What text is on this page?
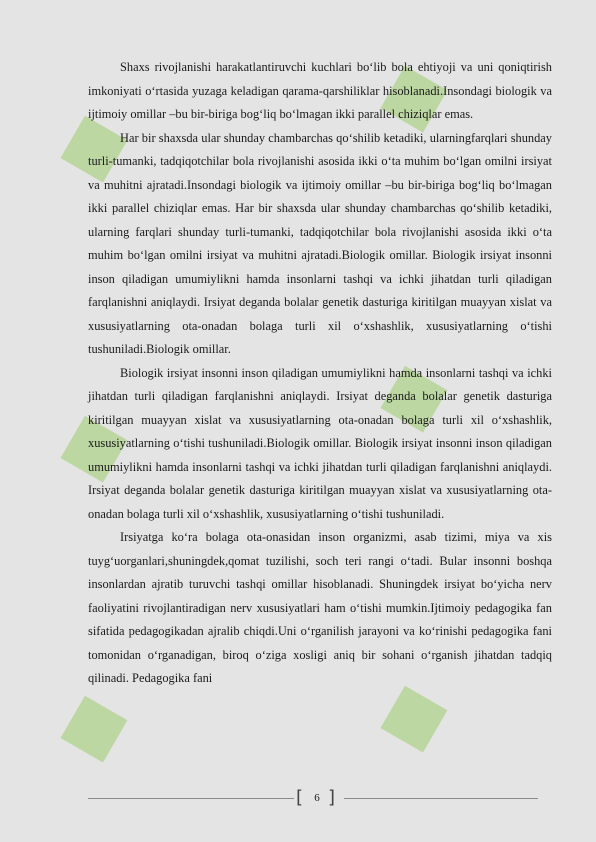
■
■
■
■
■	■

Shaxs rivojlanishi harakatlantiruvchi kuchlari bo‘lib bola ehtiyoji va uni qoniqtirish imkoniyati o‘rtasida yuzaga keladigan qarama-qarshiliklar hisoblanadi.Insondagi biologik va ijtimoiy omillar –bu bir-biriga bog‘liq bo‘lmagan ikki parallel chiziqlar emas.

Har bir shaxsda ular shunday chambarchas qo‘shilib ketadiki, ularningfarqlari shunday turli-tumanki, tadqiqotchilar bola rivojlanishi asosida ikki o‘ta muhim bo‘lgan omilni irsiyat va muhitni ajratadi.Insondagi biologik va ijtimoiy omillar –bu bir-biriga bog‘liq bo‘lmagan ikki parallel chiziqlar emas. Har bir shaxsda ular shunday chambarchas qo‘shilib ketadiki, ularning farqlari shunday turli-tumanki, tadqiqotchilar bola rivojlanishi asosida ikki o‘ta muhim bo‘lgan omilni irsiyat va muhitni ajratadi.Biologik omillar. Biologik irsiyat insonni inson qiladigan umumiylikni hamda insonlarni tashqi va ichki jihatdan turli qiladigan farqlanishni aniqlaydi. Irsiyat deganda bolalar genetik dasturiga kiritilgan muayyan xislat va xususiyatlarning ota-onadan bolaga turli xil o‘xshashlik, xususiyatlarning o‘tishi tushuniladi.Biologik omillar.

Biologik irsiyat insonni inson qiladigan umumiylikni hamda insonlarni tashqi va ichki jihatdan turli qiladigan farqlanishni aniqlaydi. Irsiyat deganda bolalar genetik dasturiga kiritilgan muayyan xislat va xususiyatlarning ota-onadan bolaga turli xil o‘xshashlik, xususiyatlarning o‘tishi tushuniladi.Biologik omillar. Biologik irsiyat insonni inson qiladigan umumiylikni hamda insonlarni tashqi va ichki jihatdan turli qiladigan farqlanishni aniqlaydi. Irsiyat deganda bolalar genetik dasturiga kiritilgan muayyan xislat va xususiyatlarning ota-onadan bolaga turli xil o‘xshashlik, xususiyatlarning o‘tishi tushuniladi.

Irsiyatga ko‘ra bolaga ota-onasidan inson organizmi, asab tizimi, miya va xis tuyg‘uorganlari,shuningdek,qomat tuzilishi, soch teri rangi o‘tadi. Bular insonni boshqa insonlardan ajratib turuvchi tashqi omillar hisoblanadi. Shuningdek irsiyat bo‘yicha nerv faoliyatini rivojlantiradigan nerv xususiyatlari ham o‘tishi mumkin.Ijtimoiy pedagogika fan sifatida pedagogikadan ajralib chiqdi.Uni o‘rganilish jarayoni va ko‘rinishi pedagogika fani tomonidan o‘rganadigan, biroq o‘ziga xosligi aniq bir sohani o‘rganish jihatdan tadqiq qilinadi. Pedagogika fani

[	6 ]
